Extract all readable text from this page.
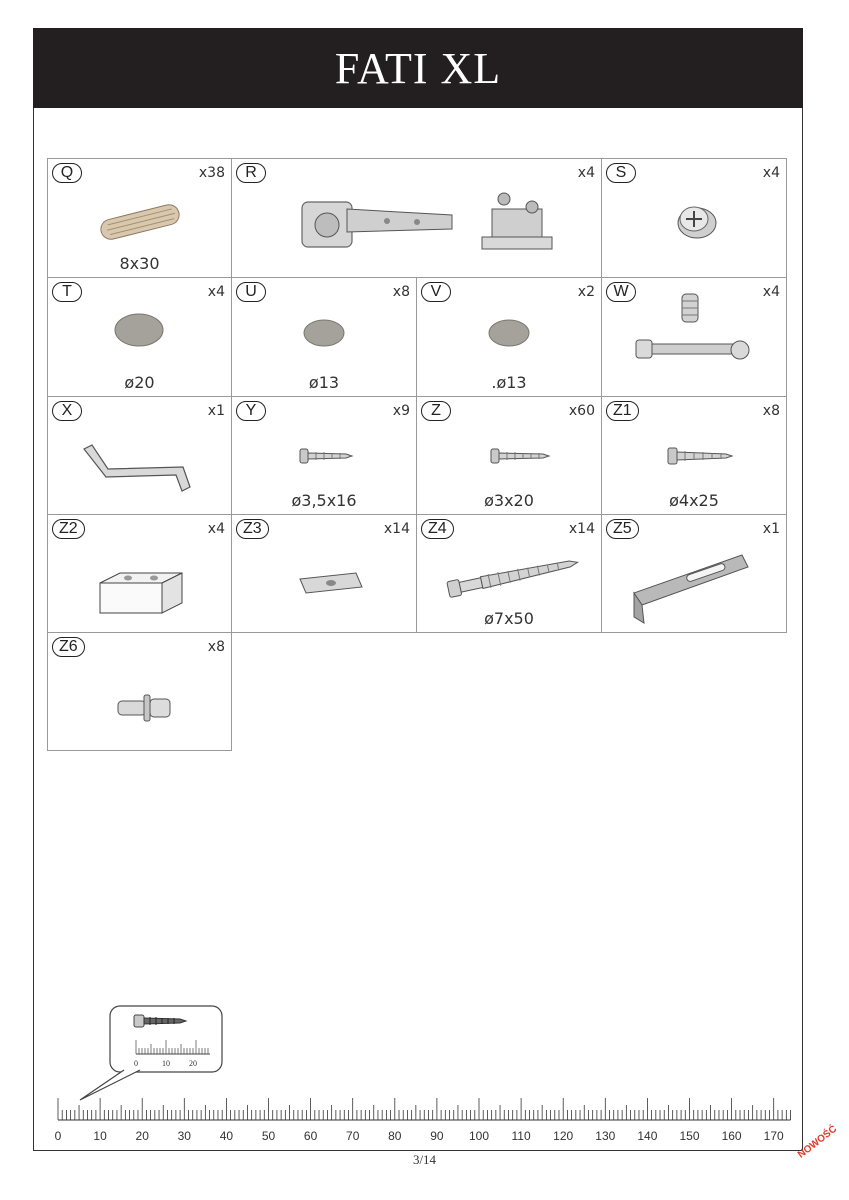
FATI XL
Q	x38
8x30
R	x4	S	x4
T	x4
ø20
U	x8
ø13
V	x2
.ø13
W	x4
X	x1	Y	x9
ø3,5x16
Z	x60
ø3x20
Z1	x8
ø4x25
Z2	x4	Z3	x14	Z4	x14
ø7x50
Z5	x1
Z6	x8
0	10 20
0	10 20 30 40 50 60 70 80 90 100 110 120 130 140 150 160 170
3/14	NOWOŚĆ
